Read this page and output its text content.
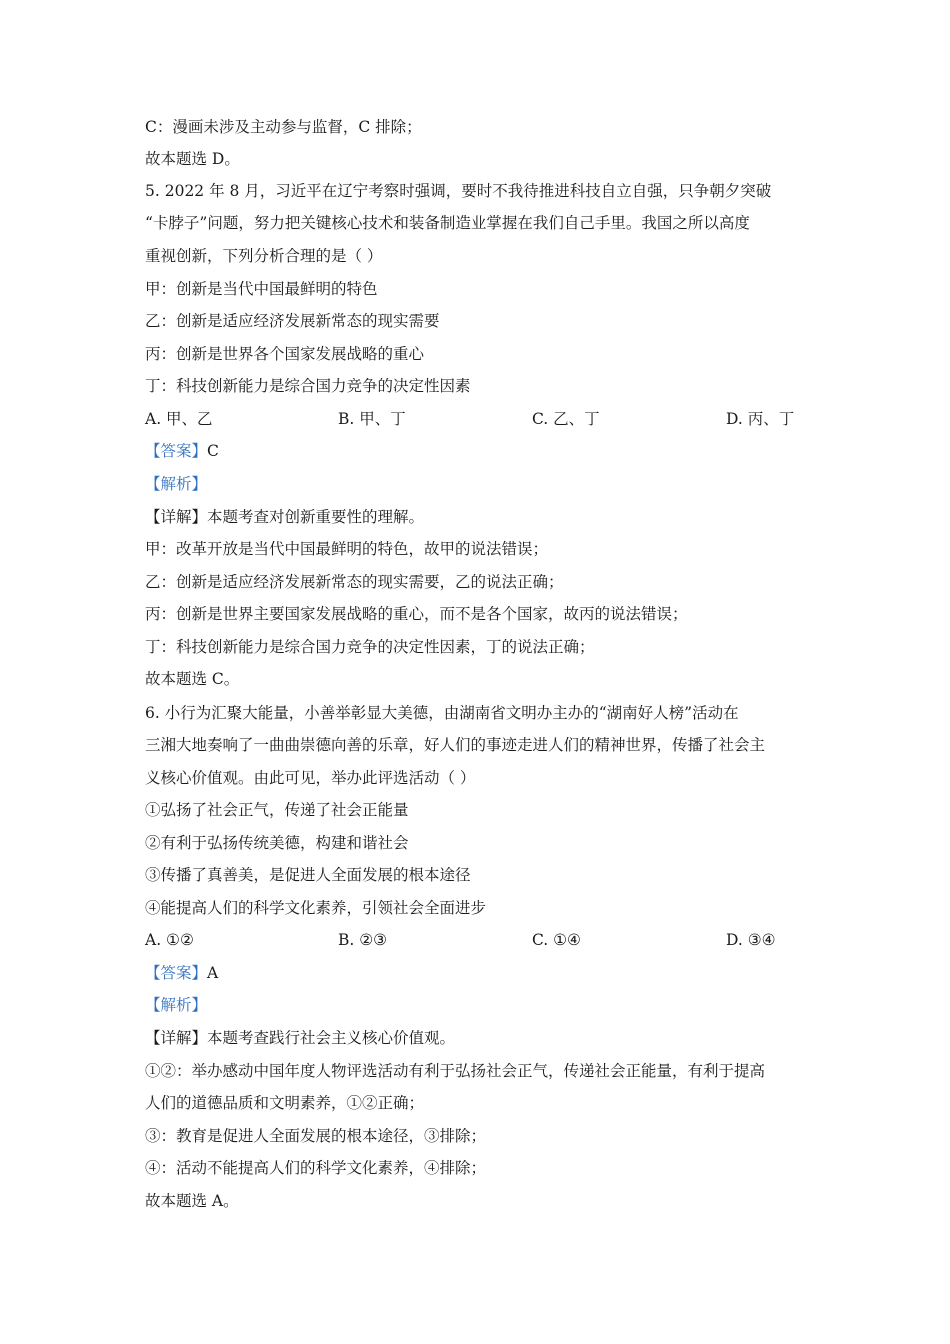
C：漫画未涉及主动参与监督，C 排除；
故本题选 D。
5. 2022 年 8 月，习近平在辽宁考察时强调，要时不我待推进科技自立自强，只争朝夕突破
“卡脖子”问题，努力把关键核心技术和装备制造业掌握在我们自己手里。我国之所以高度
重视创新，下列分析合理的是（ ）
甲：创新是当代中国最鲜明的特色
乙：创新是适应经济发展新常态的现实需要
丙：创新是世界各个国家发展战略的重心
丁：科技创新能力是综合国力竞争的决定性因素
A. 甲、乙	B. 甲、丁	C. 乙、丁	D. 丙、丁
【答案】C
【解析】
【详解】本题考查对创新重要性的理解。
甲：改革开放是当代中国最鲜明的特色，故甲的说法错误；
乙：创新是适应经济发展新常态的现实需要，乙的说法正确；
丙：创新是世界主要国家发展战略的重心，而不是各个国家，故丙的说法错误；
丁：科技创新能力是综合国力竞争的决定性因素，丁的说法正确；
故本题选 C。
6. 小行为汇聚大能量，小善举彰显大美德，由湖南省文明办主办的“湖南好人榜”活动在
三湘大地奏响了一曲曲崇德向善的乐章，好人们的事迹走进人们的精神世界，传播了社会主
义核心价值观。由此可见，举办此评选活动（ ）
①弘扬了社会正气，传递了社会正能量
②有利于弘扬传统美德，构建和谐社会
③传播了真善美，是促进人全面发展的根本途径
④能提高人们的科学文化素养，引领社会全面进步
A. ①②	B. ②③	C. ①④	D. ③④
【答案】A
【解析】
【详解】本题考查践行社会主义核心价值观。
①②：举办感动中国年度人物评选活动有利于弘扬社会正气，传递社会正能量，有利于提高
人们的道德品质和文明素养，①②正确；
③：教育是促进人全面发展的根本途径，③排除；
④：活动不能提高人们的科学文化素养，④排除；
故本题选 A。
